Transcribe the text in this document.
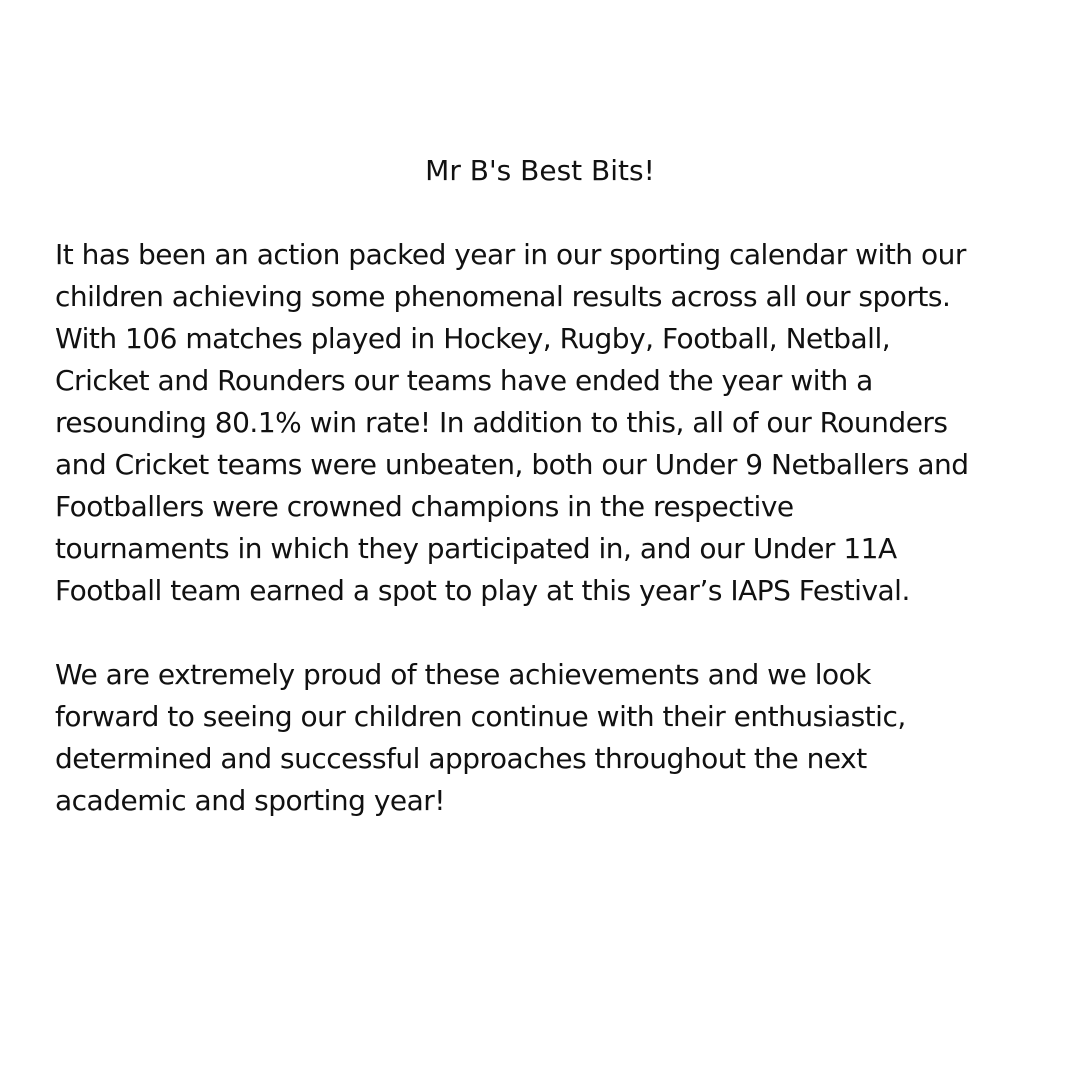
Mr B's Best Bits!
It has been an action packed year in our sporting calendar with our
children achieving some phenomenal results across all our sports.
With 106 matches played in Hockey, Rugby, Football, Netball,
Cricket and Rounders our teams have ended the year with a
resounding 80.1% win rate! In addition to this, all of our Rounders
and Cricket teams were unbeaten, both our Under 9 Netballers and
Footballers were crowned champions in the respective
tournaments in which they participated in, and our Under 11A
Football team earned a spot to play at this year’s IAPS Festival.
We are extremely proud of these achievements and we look
forward to seeing our children continue with their enthusiastic,
determined and successful approaches throughout the next
academic and sporting year!
